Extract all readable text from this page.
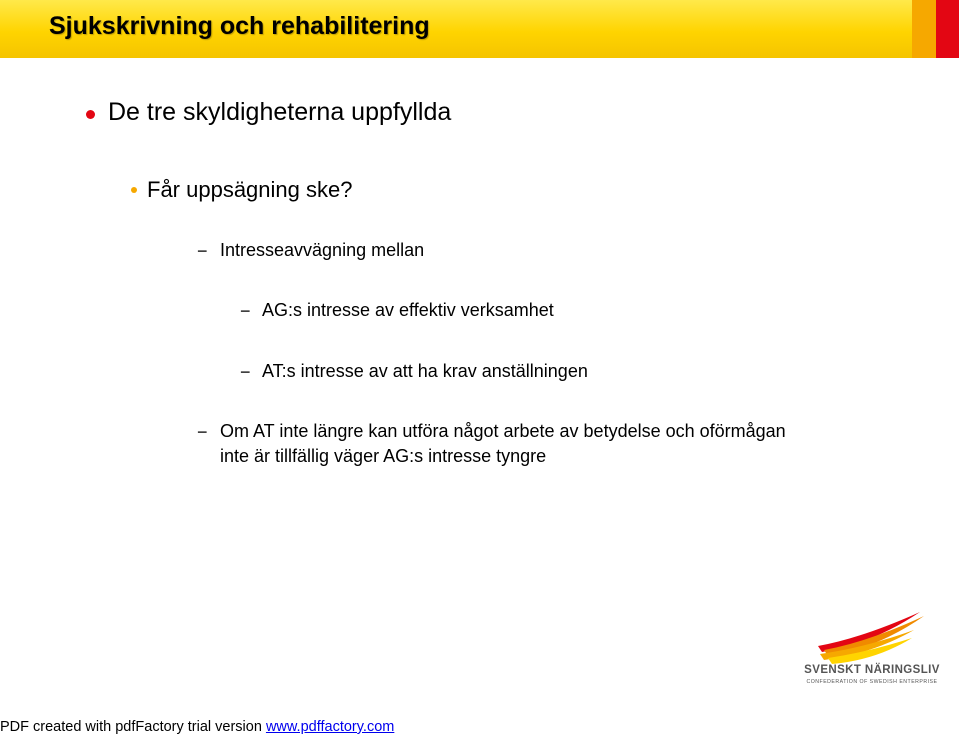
Sjukskrivning och rehabilitering
De tre skyldigheterna uppfyllda
Får uppsägning ske?
− Intresseavvägning mellan
− AG:s intresse av effektiv verksamhet
− AT:s intresse av att ha krav anställningen
− Om AT inte längre kan utföra något arbete av betydelse och oförmågan
inte är tillfällig väger AG:s intresse tyngre
SVENSKT NÄRINGSLIV
CONFEDERATION OF SWEDISH ENTERPRISE
PDF created with pdfFactory trial version www.pdffactory.com
